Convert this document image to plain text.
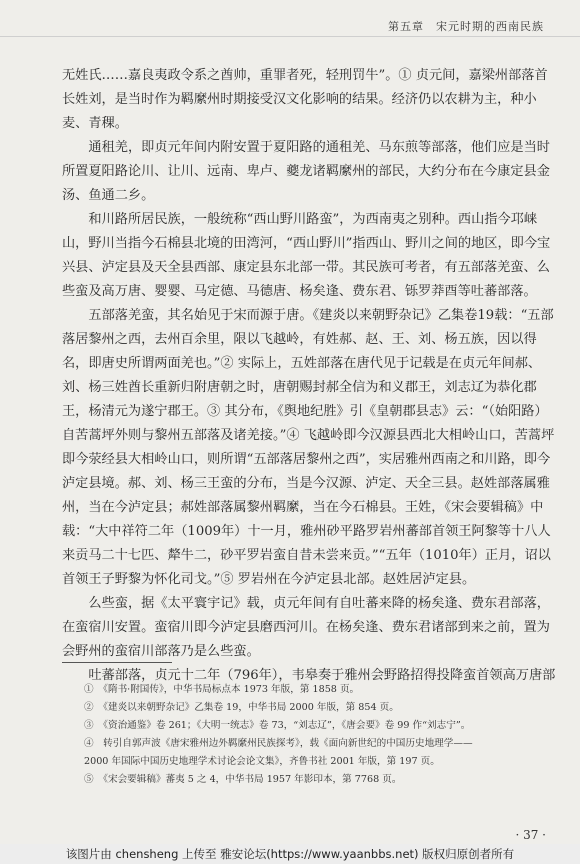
第五章　宋元时期的西南民族

无姓氏……嘉良夷政令系之酋帅，重罪者死，轻刑罚牛”。① 贞元间，嘉梁州部落首长姓刘，是当时作为羁縻州时期接受汉文化影响的结果。经济仍以农耕为主，种小麦、青稞。

通租羌，即贞元年间内附安置于夏阳路的通租羌、马东煎等部落，他们应是当时所置夏阳路论川、让川、远南、卑卢、夔龙诸羁縻州的部民，大约分布在今康定县金汤、鱼通二乡。

和川路所居民族，一般统称“西山野川路蛮”，为西南夷之别种。西山指今邛崃山，野川当指今石棉县北境的田湾河，“西山野川”指西山、野川之间的地区，即今宝兴县、泸定县及天全县西部、康定县东北部一带。其民族可考者，有五部落羌蛮、么些蛮及高万唐、婴婴、马定德、马德唐、杨矣逢、费东君、铄罗莽酉等吐蕃部落。

五部落羌蛮，其名始见于宋而源于唐。《建炎以来朝野杂记》乙集卷19载：“五部落居黎州之西，去州百余里，限以飞越岭，有姓郝、赵、王、刘、杨五族，因以得名，即唐史所谓两面羌也。”② 实际上，五姓部落在唐代见于记载是在贞元年间郝、刘、杨三姓酋长重新归附唐朝之时，唐朝赐封郝全信为和义郡王，刘志辽为恭化郡王，杨清元为遂宁郡王。③ 其分布，《舆地纪胜》引《皇朝郡县志》云：“（始阳路）自苦蒿坪外则与黎州五部落及诸羌接。”④ 飞越岭即今汉源县西北大相岭山口，苦蒿坪即今荥经县大相岭山口，则所谓“五部落居黎州之西”，实居雅州西南之和川路，即今泸定县境。郝、刘、杨三王蛮的分布，当是今汉源、泸定、天全三县。赵姓部落属雅州，当在今泸定县；郝姓部落属黎州羁縻，当在今石棉县。王姓，《宋会要辑稿》中载：“大中祥符二年（1009年）十一月，雅州砂平路罗岩州蕃部首领王阿黎等十八人来贡马二十七匹、犛牛二，砂平罗岩蛮自昔未尝来贡。”“五年（1010年）正月，诏以首领王子野黎为怀化司戈。”⑤ 罗岩州在今泸定县北部。赵姓居泸定县。

么些蛮，据《太平寰宇记》载，贞元年间有自吐蕃来降的杨矣逢、费东君部落，在蛮宿川安置。蛮宿川即今泸定县磨西河川。在杨矣逢、费东君诸部到来之前，置为会野州的蛮宿川部落乃是么些蛮。

吐蕃部落，贞元十二年（796年），韦皋奏于雅州会野路招得投降蛮首领高万唐部

①　《隋书·附国传》，中华书局标点本 1973 年版，第 1858 页。
②　《建炎以来朝野杂记》乙集卷 19，中华书局 2000 年版，第 854 页。
③　《资治通鉴》卷 261；《大明一统志》卷 73，“刘志辽”，《唐会要》卷 99 作“刘志宁”。
④　转引自郭声波《唐宋雅州边外羁縻州民族探考》，载《面向新世纪的中国历史地理学——
2000 年国际中国历史地理学术讨论会论文集》，齐鲁书社 2001 年版，第 197 页。
⑤　《宋会要辑稿》蕃夷 5 之 4，中华书局 1957 年影印本，第 7768 页。
· 37 ·
该图片由 chensheng 上传至 雅安论坛(https://www.yaanbbs.net) 版权归原创者所有
